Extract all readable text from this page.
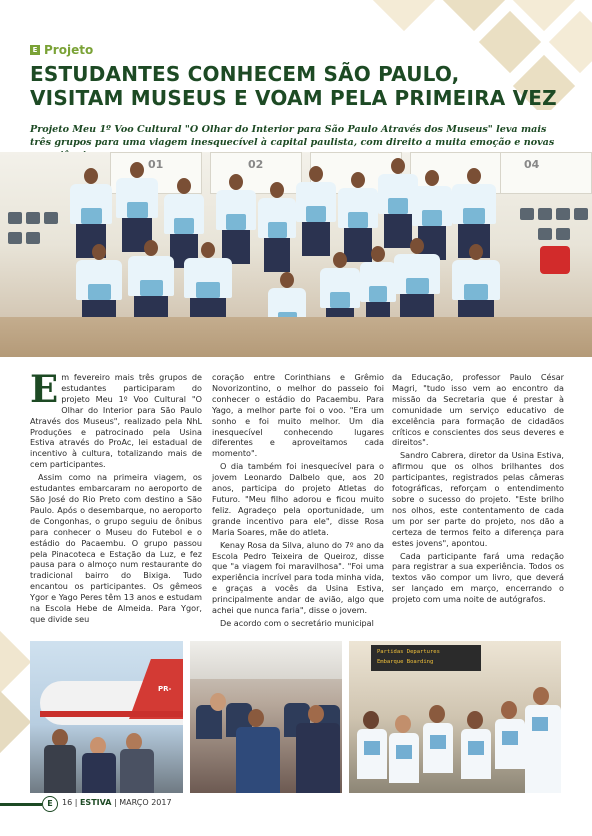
E Projeto
ESTUDANTES CONHECEM SÃO PAULO,
VISITAM MUSEUS E VOAM PELA PRIMEIRA VEZ

Projeto Meu 1º Voo Cultural "O Olhar do Interior para São Paulo Através dos Museus" leva mais três grupos para uma viagem inesquecível à capital paulista, com direito a muita emoção e novas

01	02	04
E m fevereiro mais três grupos de estudantes participaram do projeto Meu 1º Voo Cultural "O Olhar do Interior para São Paulo Através dos Museus", realizado pela NhL Produções e patrocinado pela Usina Estiva através do ProAc, lei estadual de incentivo à cultura, totalizando mais de cem participantes.

Assim como na primeira viagem, os estudantes embarcaram no aeroporto de São José do Rio Preto com destino a São Paulo. Após o desembarque, no aeroporto de Congonhas, o grupo seguiu de ônibus para conhecer o Museu do Futebol e o estádio do Pacaembu. O grupo passou pela Pinacoteca e Estação da Luz, e fez pausa para o almoço num restaurante do tradicional bairro do Bixiga. Tudo encantou os participantes. Os gêmeos Ygor e Yago Peres têm 13 anos e estudam na Escola Hebe de Almeida. Para Ygor, que divide seu

coração entre Corinthians e Grêmio Novorizontino, o melhor do passeio foi conhecer o estádio do Pacaembu. Para Yago, a melhor parte foi o voo. "Era um sonho e foi muito melhor. Um dia inesquecível conhecendo lugares diferentes e aproveitamos cada momento".

O dia também foi inesquecível para o jovem Leonardo Dalbelo que, aos 20 anos, participa do projeto Atletas do Futuro. "Meu filho adorou e ficou muito feliz. Agradeço pela oportunidade, um grande incentivo para ele", disse Rosa Maria Soares, mãe do atleta.

Kenay Rosa da Silva, aluno do 7º ano da Escola Pedro Teixeira de Queiroz, disse que "a viagem foi maravilhosa". "Foi uma experiência incrível para toda minha vida, e graças a vocês da Usina Estiva, principalmente andar de avião, algo que achei que nunca faria", disse o jovem.

De acordo com o secretário municipal

da Educação, professor Paulo César Magri, "tudo isso vem ao encontro da missão da Secretaria que é prestar à comunidade um serviço educativo de excelência para formação de cidadãos críticos e conscientes dos seus deveres e direitos".

Sandro Cabrera, diretor da Usina Estiva, afirmou que os olhos brilhantes dos participantes, registrados pelas câmeras fotográficas, reforçam o entendimento sobre o sucesso do projeto. "Este brilho nos olhos, este contentamento de cada um por ser parte do projeto, nos dão a certeza de termos feito a diferença para estes jovens", apontou.

Cada participante fará uma redação para registrar a sua experiência. Todos os textos vão compor um livro, que deverá ser lançado em março, encerrando o projeto com uma noite de autógrafos.

PR-
Partidas Departures
Embarque Boarding
E	16 | ESTIVA | MARÇO 2017
